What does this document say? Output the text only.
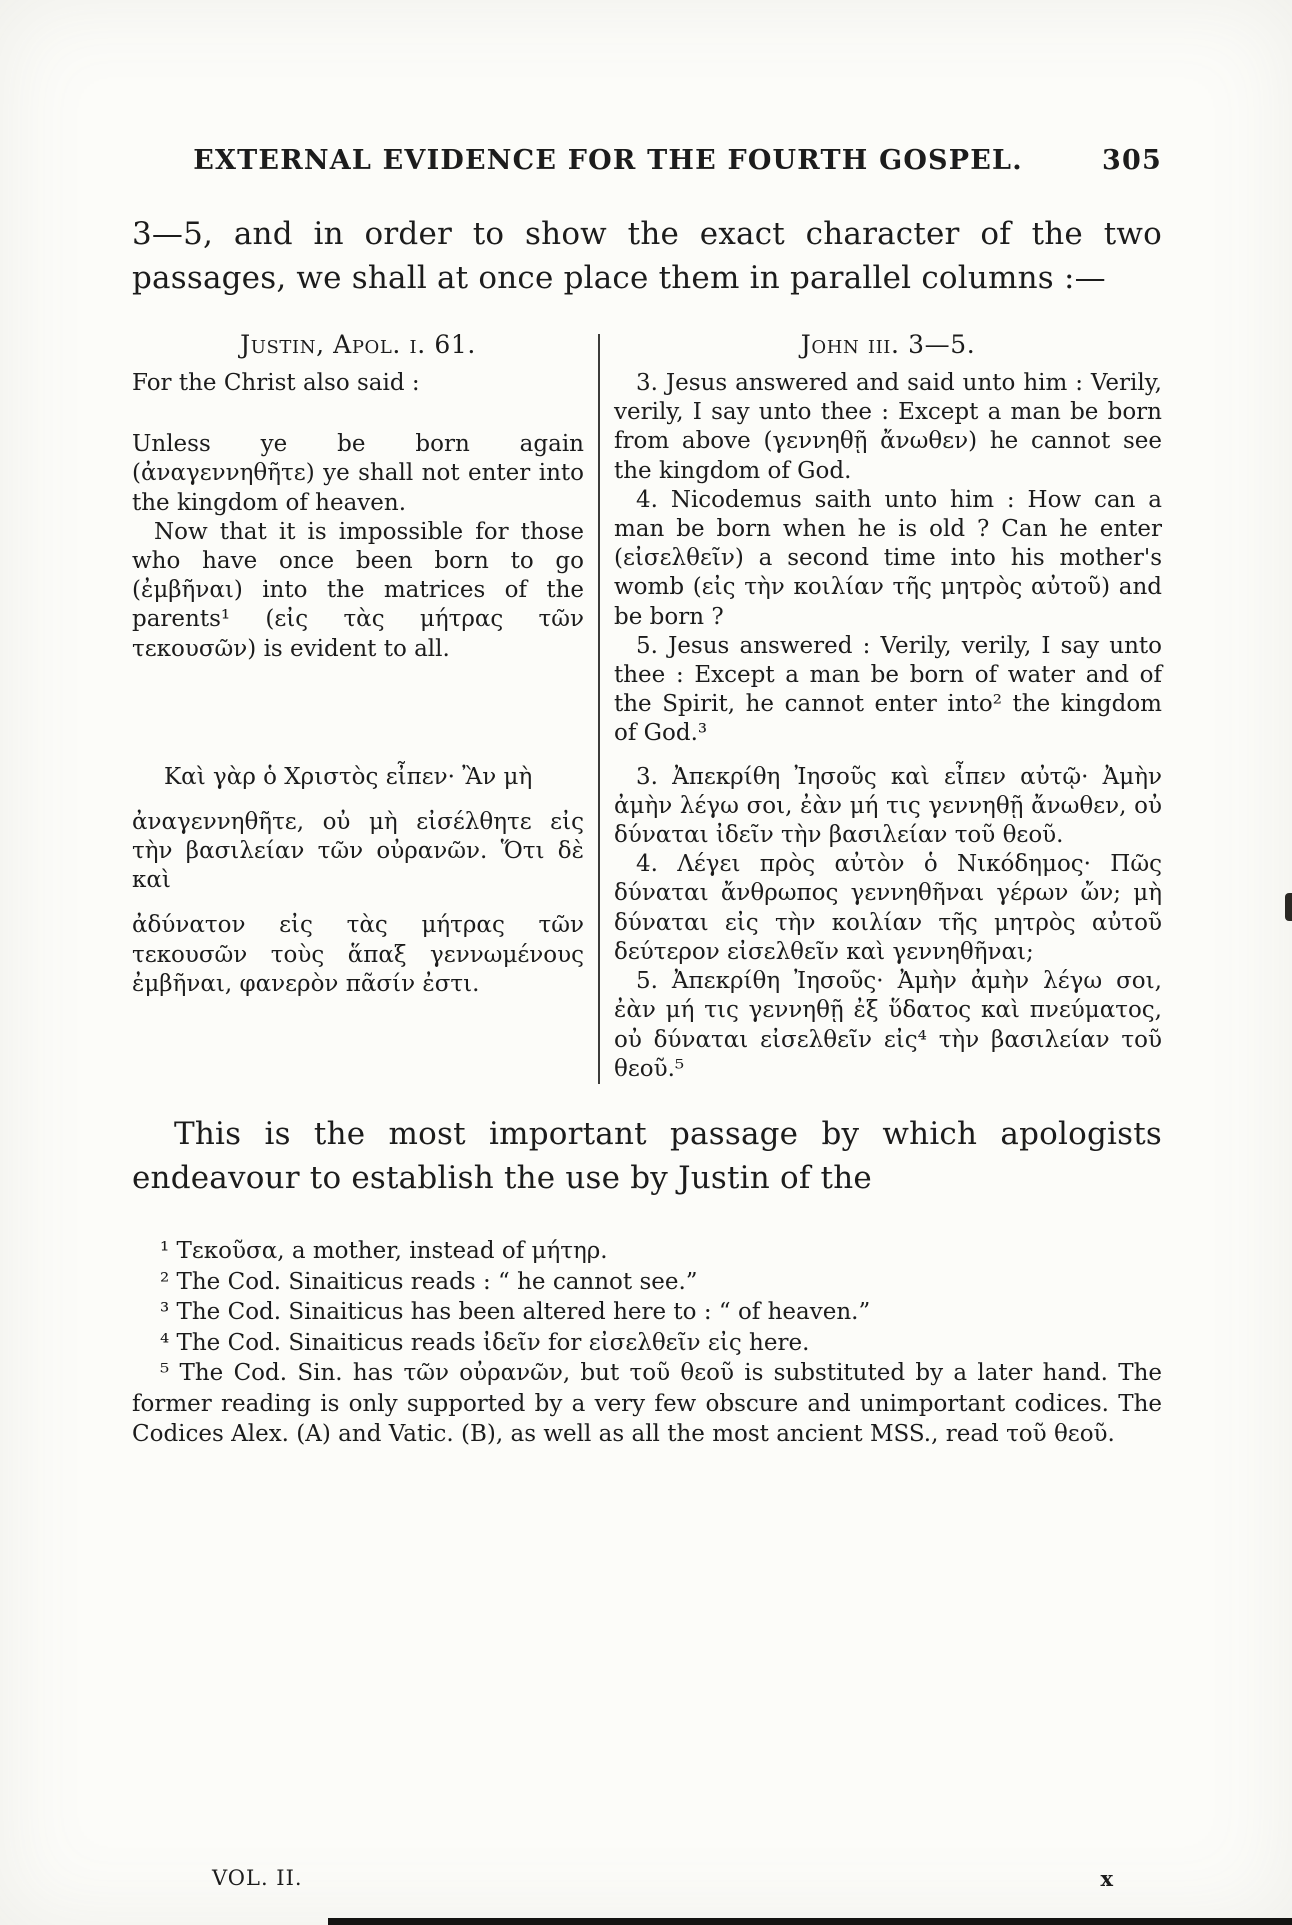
EXTERNAL EVIDENCE FOR THE FOURTH GOSPEL.	305

3—5, and in order to show the exact character of the two passages, we shall at once place them in parallel columns :—

Justin, Apol. i. 61.

For the Christ also said :

Unless ye be born again (ἀναγεννηθῆτε) ye shall not enter into the kingdom of heaven.

Now that it is impossible for those who have once been born to go (ἐμβῆναι) into the matrices of the parents¹ (εἰς τὰς μήτρας τῶν τεκουσῶν) is evident to all.

John iii. 3—5.

3. Jesus answered and said unto him : Verily, verily, I say unto thee : Except a man be born from above (γεννηθῇ ἄνωθεν) he cannot see the kingdom of God.

4. Nicodemus saith unto him : How can a man be born when he is old ? Can he enter (εἰσελθεῖν) a second time into his mother's womb (εἰς τὴν κοιλίαν τῆς μητρὸς αὐτοῦ) and be born ?

5. Jesus answered : Verily, verily, I say unto thee : Except a man be born of water and of the Spirit, he cannot enter into² the kingdom of God.³

Καὶ γὰρ ὁ Χριστὸς εἶπεν· Ἂν μὴ

ἀναγεννηθῆτε, οὐ μὴ εἰσέλθητε εἰς τὴν βασιλείαν τῶν οὐρανῶν. Ὅτι δὲ καὶ

ἀδύνατον εἰς τὰς μήτρας τῶν τεκουσῶν τοὺς ἅπαξ γεννωμένους ἐμβῆναι, φανερὸν πᾶσίν ἐστι.

3. Ἀπεκρίθη Ἰησοῦς καὶ εἶπεν αὐτῷ· Ἀμὴν ἀμὴν λέγω σοι, ἐὰν μή τις γεννηθῇ ἄνωθεν, οὐ δύναται ἰδεῖν τὴν βασιλείαν τοῦ θεοῦ.

4. Λέγει πρὸς αὐτὸν ὁ Νικόδημος· Πῶς δύναται ἄνθρωπος γεννηθῆναι γέρων ὤν; μὴ δύναται εἰς τὴν κοιλίαν τῆς μητρὸς αὐτοῦ δεύτερον εἰσελθεῖν καὶ γεννηθῆναι;

5. Ἀπεκρίθη Ἰησοῦς· Ἀμὴν ἀμὴν λέγω σοι, ἐὰν μή τις γεννηθῇ ἐξ ὕδατος καὶ πνεύματος, οὐ δύναται εἰσελθεῖν εἰς⁴ τὴν βασιλείαν τοῦ θεοῦ.⁵

This is the most important passage by which apologists endeavour to establish the use by Justin of the

¹ Τεκοῦσα, a mother, instead of μήτηρ.

² The Cod. Sinaiticus reads : “ he cannot see.”

³ The Cod. Sinaiticus has been altered here to : “ of heaven.”

⁴ The Cod. Sinaiticus reads ἰδεῖν for εἰσελθεῖν εἰς here.

⁵ The Cod. Sin. has τῶν οὐρανῶν, but τοῦ θεοῦ is substituted by a later hand. The former reading is only supported by a very few obscure and unimportant codices. The Codices Alex. (A) and Vatic. (B), as well as all the most ancient MSS., read τοῦ θεοῦ.

VOL. II.	x
